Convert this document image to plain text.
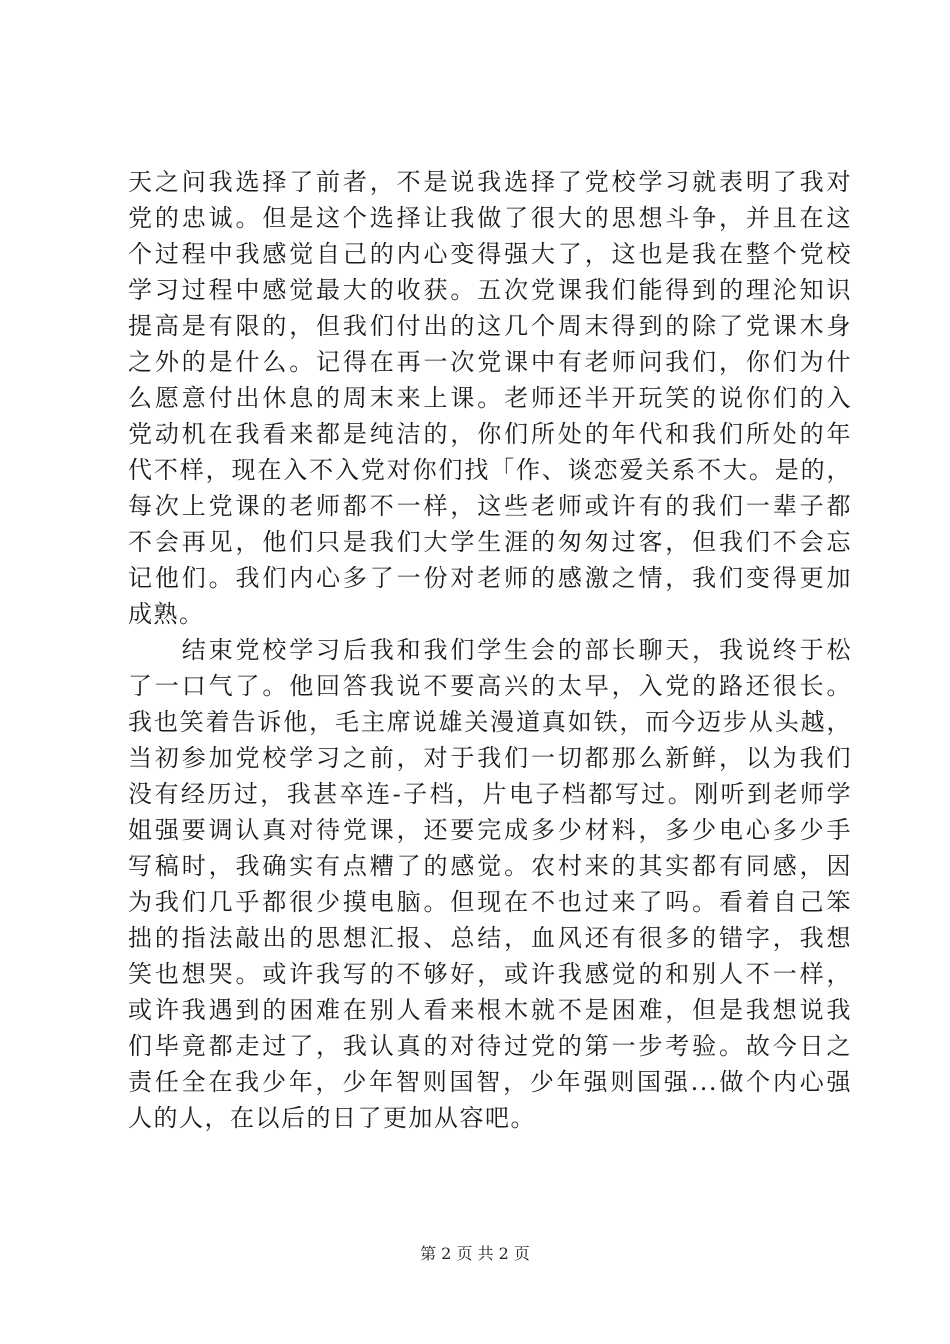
天之问我选择了前者，不是说我选择了党校学习就表明了我对
党的忠诚。但是这个选择让我做了很大的思想斗争，并且在这
个过程中我感觉自己的内心变得强大了，这也是我在整个党校
学习过程中感觉最大的收获。五次党课我们能得到的理沦知识
提高是有限的，但我们付出的这几个周末得到的除了党课木身
之外的是什么。记得在再一次党课中有老师问我们，你们为什
么愿意付出休息的周末来上课。老师还半开玩笑的说你们的入
党动机在我看来都是纯洁的，你们所处的年代和我们所处的年
代不样，现在入不入党对你们找「作、谈恋爱关系不大。是的，
每次上党课的老师都不一样，这些老师或许有的我们一辈子都
不会再见，他们只是我们大学生涯的匆匆过客，但我们不会忘
记他们。我们内心多了一份对老师的感激之情，我们变得更加
成熟。
　　结束党校学习后我和我们学生会的部长聊天，我说终于松
了一口气了。他回答我说不要高兴的太早，入党的路还很长。
我也笑着告诉他，毛主席说雄关漫道真如铁，而今迈步从头越，
当初参加党校学习之前，对于我们一切都那么新鲜，以为我们
没有经历过，我甚卒连-子档，片电子档都写过。刚听到老师学
姐强要调认真对待党课，还要完成多少材料，多少电心多少手
写稿时，我确实有点糟了的感觉。农村来的其实都有同感，因
为我们几乎都很少摸电脑。但现在不也过来了吗。看着自己笨
拙的指法敲出的思想汇报、总结，血风还有很多的错字，我想
笑也想哭。或许我写的不够好，或许我感觉的和别人不一样，
或许我遇到的困难在别人看来根木就不是困难，但是我想说我
们毕竟都走过了，我认真的对待过党的第一步考验。故今日之
责任全在我少年，少年智则国智，少年强则国强...做个内心强
人的人，在以后的日了更加从容吧。
第 2 页 共 2 页
